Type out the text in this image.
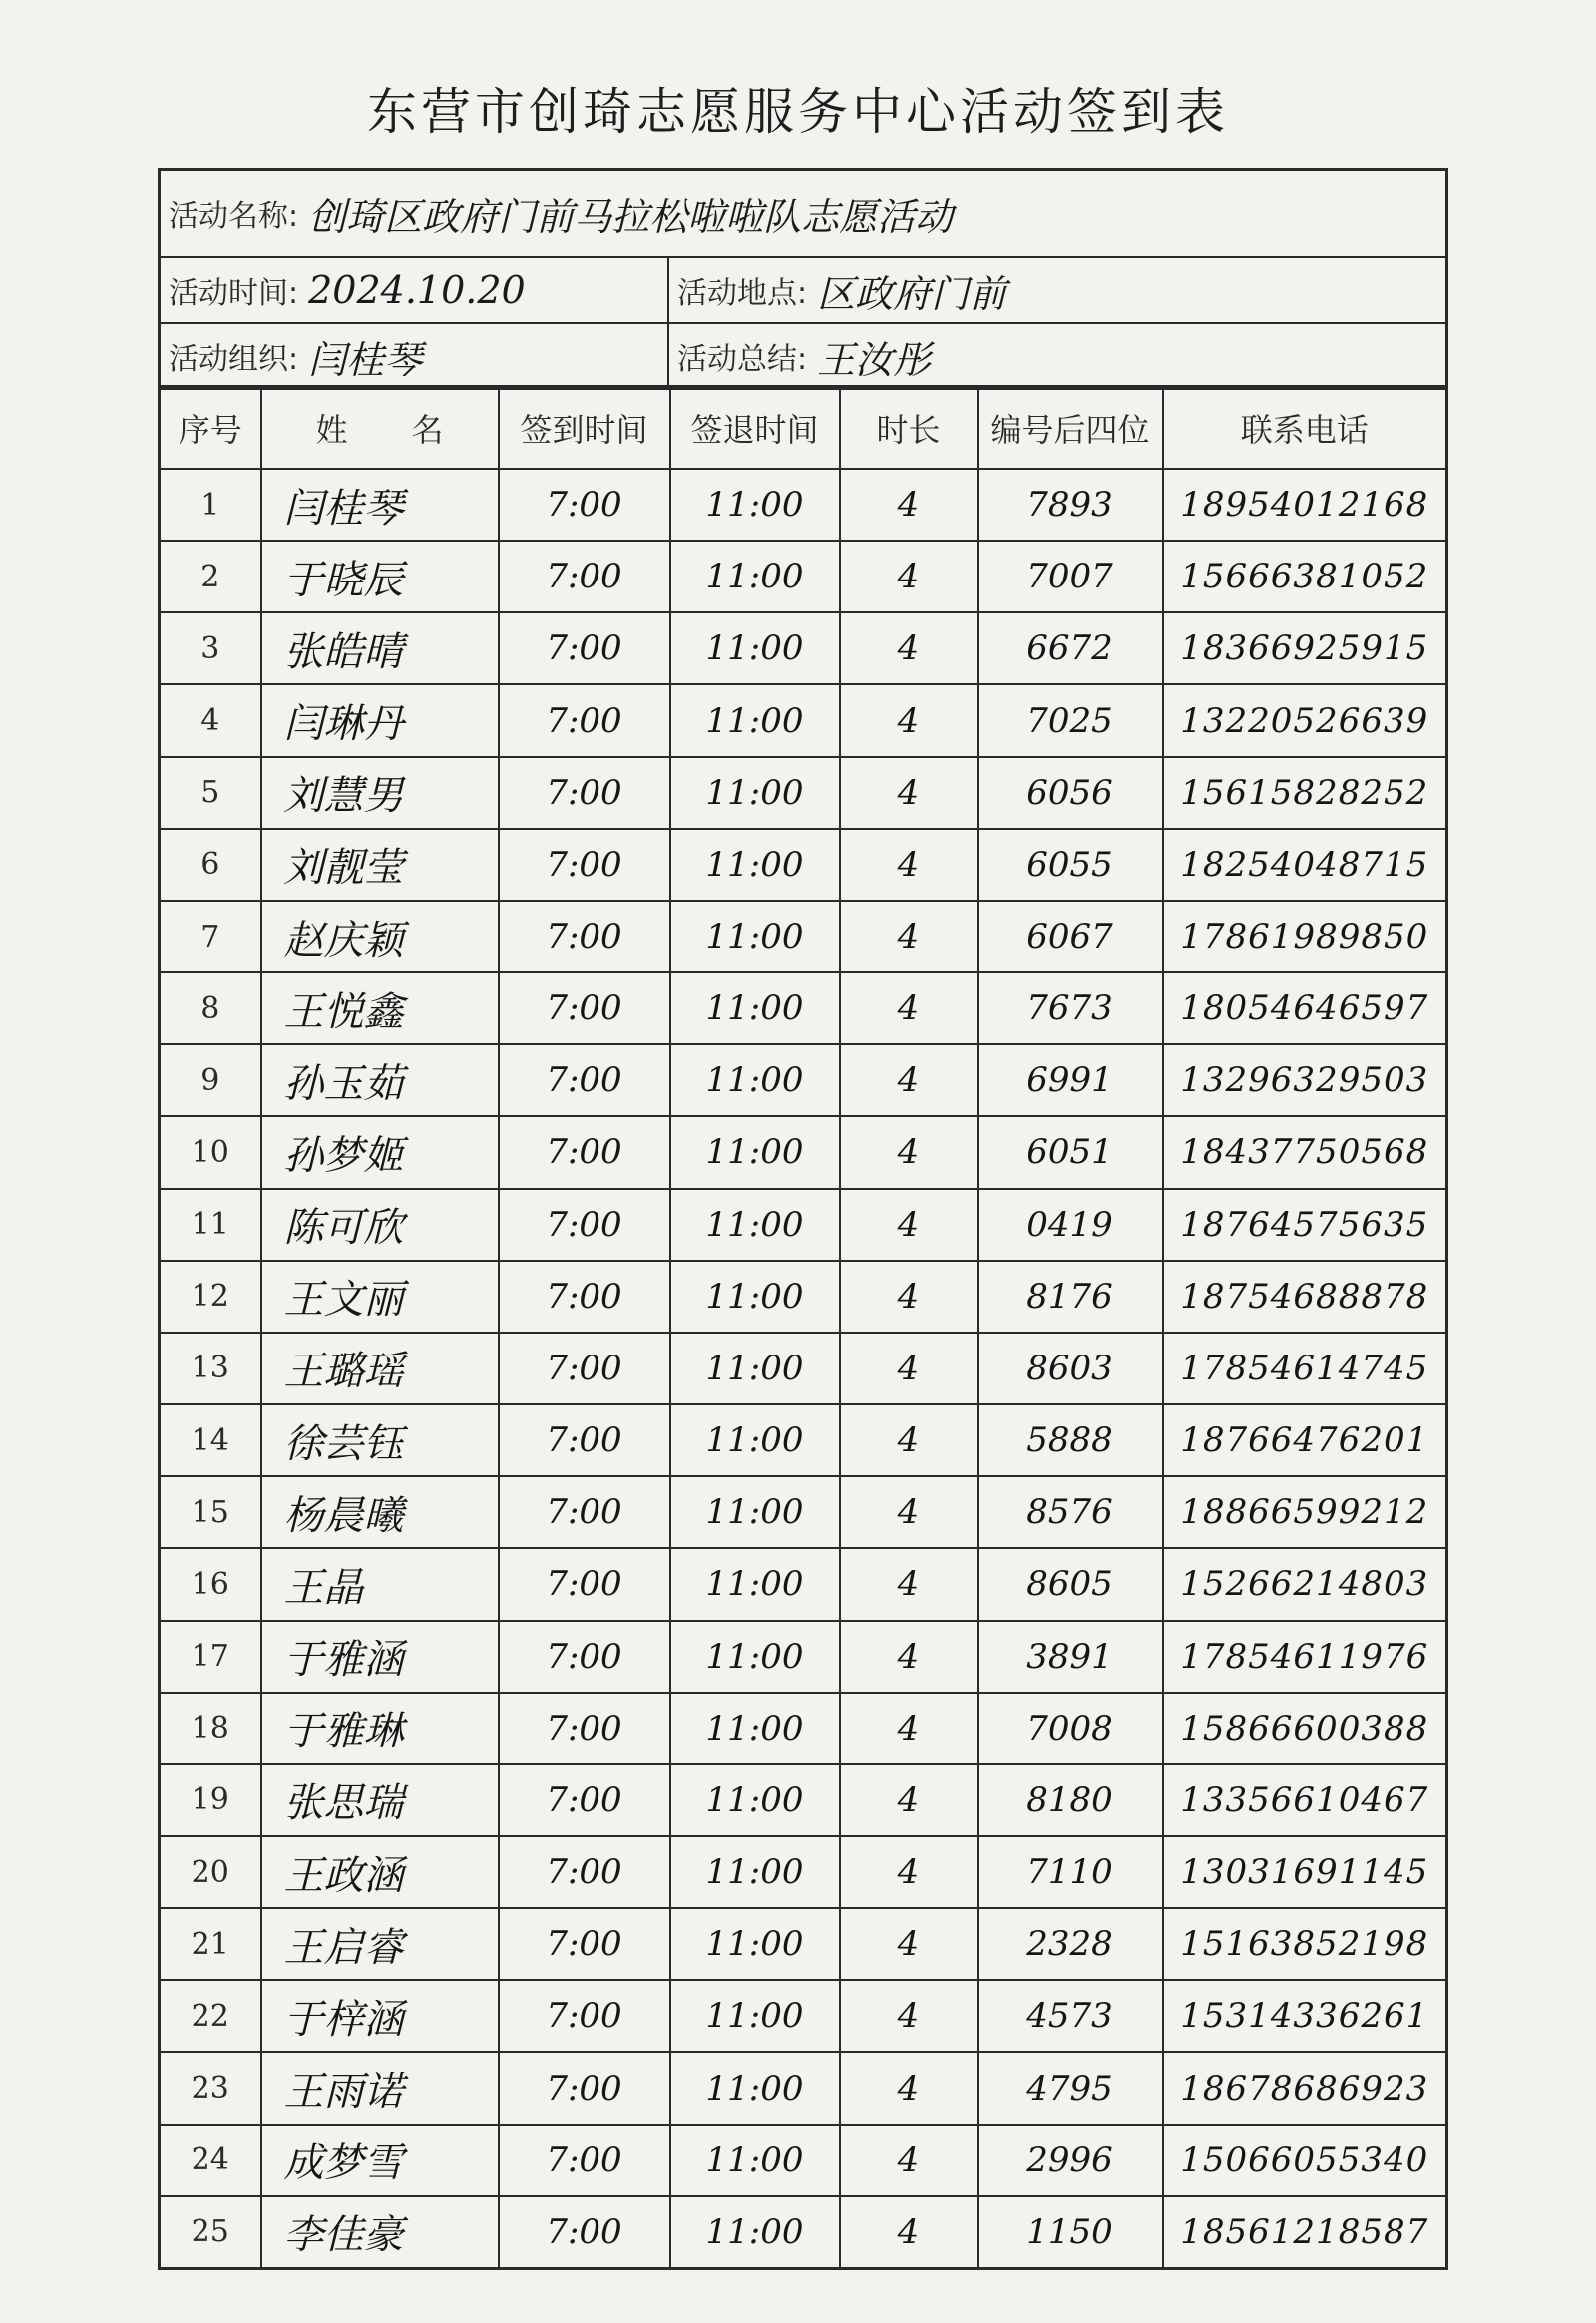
东营市创琦志愿服务中心活动签到表
活动名称: 创琦区政府门前马拉松啦啦队志愿活动
活动时间: 2024.10.20	活动地点: 区政府门前
活动组织: 闫桂琴	活动总结: 王汝彤
序号	姓　　名	签到时间	签退时间	时长	编号后四位	联系电话
1	闫桂琴	7:00	11:00	4	7893	18954012168
2	于晓辰	7:00	11:00	4	7007	15666381052
3	张皓晴	7:00	11:00	4	6672	18366925915
4	闫琳丹	7:00	11:00	4	7025	13220526639
5	刘慧男	7:00	11:00	4	6056	15615828252
6	刘靓莹	7:00	11:00	4	6055	18254048715
7	赵庆颖	7:00	11:00	4	6067	17861989850
8	王悦鑫	7:00	11:00	4	7673	18054646597
9	孙玉茹	7:00	11:00	4	6991	13296329503
10	孙梦姬	7:00	11:00	4	6051	18437750568
11	陈可欣	7:00	11:00	4	0419	18764575635
12	王文丽	7:00	11:00	4	8176	18754688878
13	王璐瑶	7:00	11:00	4	8603	17854614745
14	徐芸钰	7:00	11:00	4	5888	18766476201
15	杨晨曦	7:00	11:00	4	8576	18866599212
16	王晶	7:00	11:00	4	8605	15266214803
17	于雅涵	7:00	11:00	4	3891	17854611976
18	于雅琳	7:00	11:00	4	7008	15866600388
19	张思瑞	7:00	11:00	4	8180	13356610467
20	王政涵	7:00	11:00	4	7110	13031691145
21	王启睿	7:00	11:00	4	2328	15163852198
22	于梓涵	7:00	11:00	4	4573	15314336261
23	王雨诺	7:00	11:00	4	4795	18678686923
24	成梦雪	7:00	11:00	4	2996	15066055340
25	李佳豪	7:00	11:00	4	1150	18561218587
